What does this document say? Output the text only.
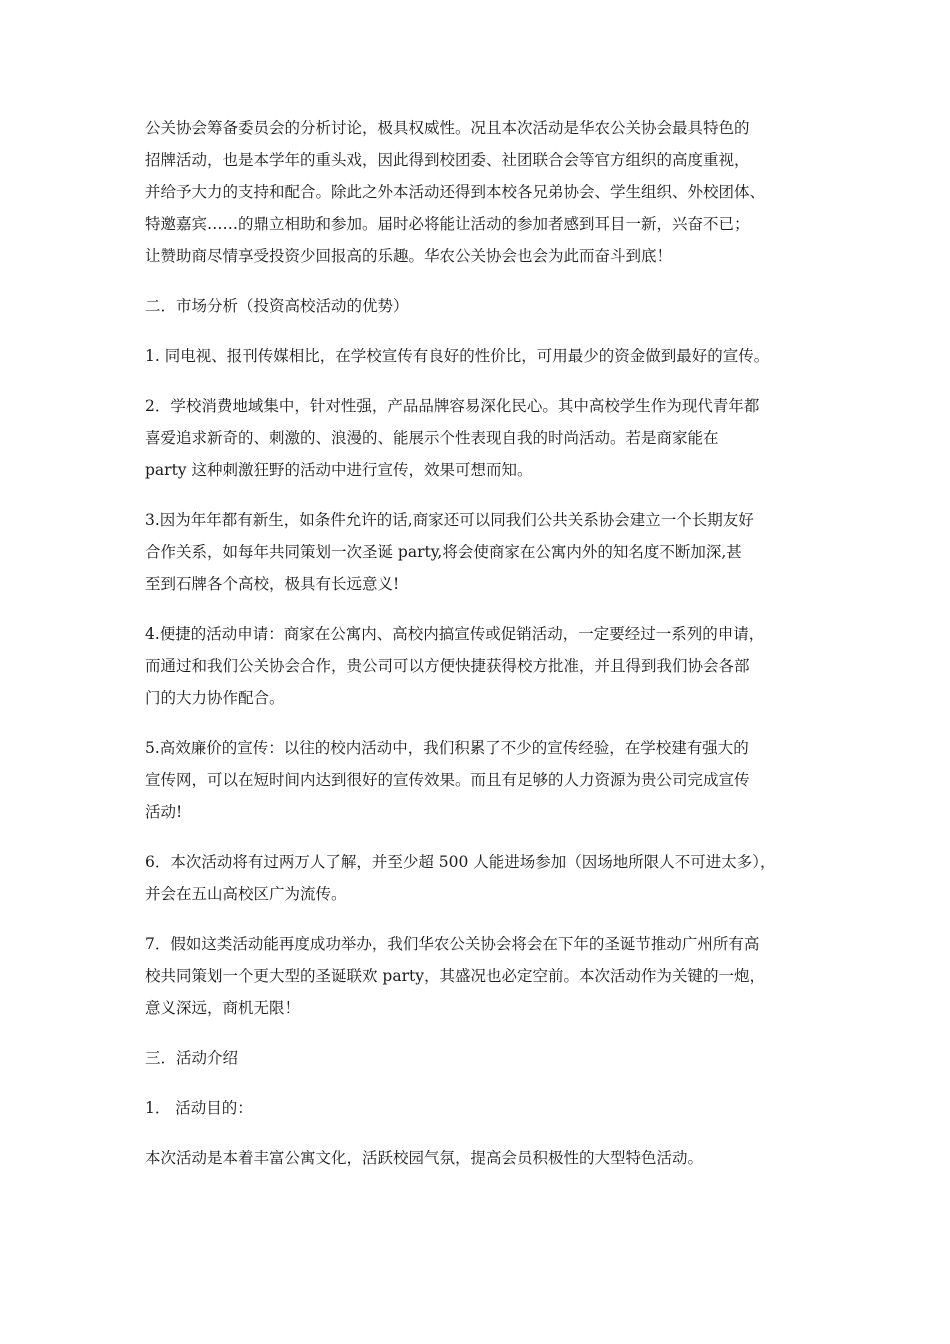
公关协会筹备委员会的分析讨论，极具权威性。况且本次活动是华农公关协会最具特色的
招牌活动，也是本学年的重头戏，因此得到校团委、社团联合会等官方组织的高度重视，
并给予大力的支持和配合。除此之外本活动还得到本校各兄弟协会、学生组织、外校团体、
特邀嘉宾……的鼎立相助和参加。届时必将能让活动的参加者感到耳目一新，兴奋不已；
让赞助商尽情享受投资少回报高的乐趣。华农公关协会也会为此而奋斗到底！

二．市场分析（投资高校活动的优势）

1. 同电视、报刊传媒相比，在学校宣传有良好的性价比，可用最少的资金做到最好的宣传。

2．学校消费地域集中，针对性强，产品品牌容易深化民心。其中高校学生作为现代青年都
喜爱追求新奇的、刺激的、浪漫的、能展示个性表现自我的时尚活动。若是商家能在
party 这种刺激狂野的活动中进行宣传，效果可想而知。

3.因为年年都有新生，如条件允许的话,商家还可以同我们公共关系协会建立一个长期友好
合作关系，如每年共同策划一次圣诞 party,将会使商家在公寓内外的知名度不断加深,甚
至到石牌各个高校，极具有长远意义!

4.便捷的活动申请：商家在公寓内、高校内搞宣传或促销活动，一定要经过一系列的申请，
而通过和我们公关协会合作，贵公司可以方便快捷获得校方批准，并且得到我们协会各部
门的大力协作配合。

5.高效廉价的宣传：以往的校内活动中，我们积累了不少的宣传经验，在学校建有强大的
宣传网，可以在短时间内达到很好的宣传效果。而且有足够的人力资源为贵公司完成宣传
活动!

6．本次活动将有过两万人了解，并至少超 500 人能进场参加（因场地所限人不可进太多），
并会在五山高校区广为流传。

7．假如这类活动能再度成功举办，我们华农公关协会将会在下年的圣诞节推动广州所有高
校共同策划一个更大型的圣诞联欢 party，其盛况也必定空前。本次活动作为关键的一炮，
意义深远，商机无限！

三．活动介绍

1． 活动目的：

本次活动是本着丰富公寓文化，活跃校园气氛，提高会员积极性的大型特色活动。
